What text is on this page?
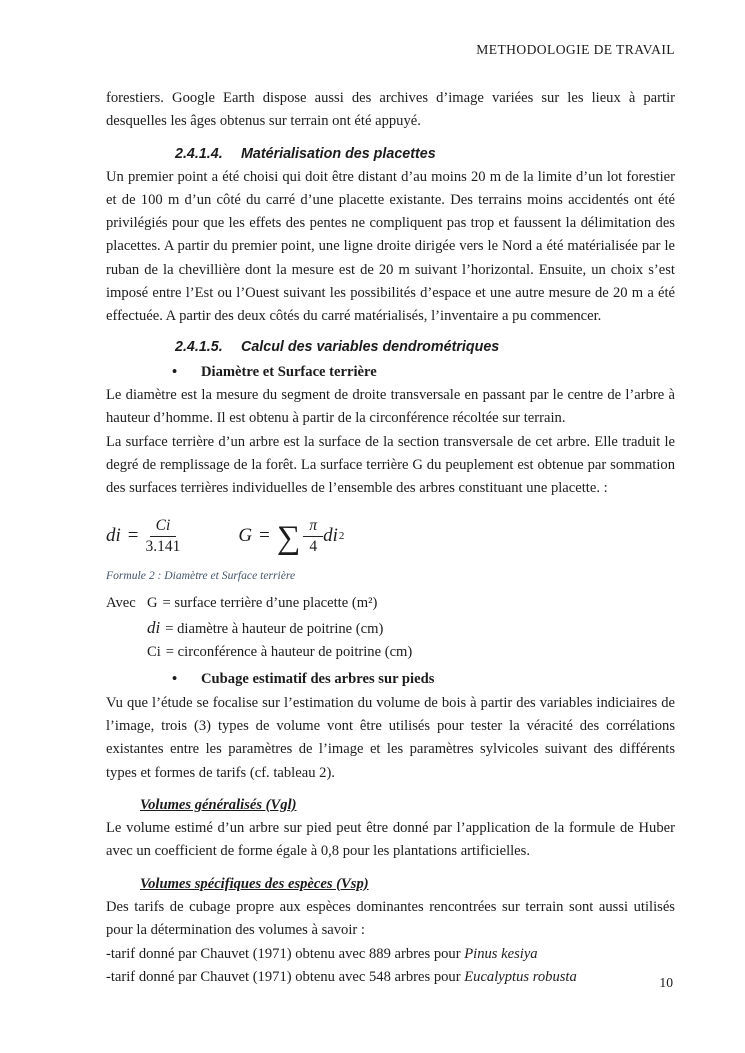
METHODOLOGIE DE TRAVAIL

forestiers. Google Earth dispose aussi des archives d’image variées sur les lieux à partir desquelles les âges obtenus sur terrain ont été appuyé.

2.4.1.4. Matérialisation des placettes

Un premier point a été choisi qui doit être distant d’au moins 20 m de la limite d’un lot forestier et de 100 m d’un côté du carré d’une placette existante. Des terrains moins accidentés ont été privilégiés pour que les effets des pentes ne compliquent pas trop et faussent la délimitation des placettes. A partir du premier point, une ligne droite dirigée vers le Nord a été matérialisée par le ruban de la chevillière dont la mesure est de 20 m suivant l’horizontal. Ensuite, un choix s’est imposé entre l’Est ou l’Ouest suivant les possibilités d’espace et une autre mesure de 20 m a été effectuée. A partir des deux côtés du carré matérialisés, l’inventaire a pu commencer.

2.4.1.5. Calcul des variables dendrométriques
• Diamètre et Surface terrière

Le diamètre est la mesure du segment de droite transversale en passant par le centre de l’arbre à hauteur d’homme. Il est obtenu à partir de la circonférence récoltée sur terrain.

La surface terrière d’un arbre est la surface de la section transversale de cet arbre. Elle traduit le degré de remplissage de la forêt. La surface terrière G du peuplement est obtenue par sommation des surfaces terrières individuelles de l’ensemble des arbres constituant une placette. :

di = $\frac{Ci}{3.141}$	G = ∑ $\frac{\pi}{4}$ di 2
Formule 2 : Diamètre et Surface terrière
Avec G = surface terrière d’une placette (m²)
di = diamètre à hauteur de poitrine (cm)
Ci = circonférence à hauteur de poitrine (cm)
• Cubage estimatif des arbres sur pieds

Vu que l’étude se focalise sur l’estimation du volume de bois à partir des variables indiciaires de l’image, trois (3) types de volume vont être utilisés pour tester la véracité des corrélations existantes entre les paramètres de l’image et les paramètres sylvicoles suivant des différents types et formes de tarifs (cf. tableau 2).

Volumes généralisés (Vgl)

Le volume estimé d’un arbre sur pied peut être donné par l’application de la formule de Huber avec un coefficient de forme égale à 0,8 pour les plantations artificielles.

Volumes spécifiques des espèces (Vsp)

Des tarifs de cubage propre aux espèces dominantes rencontrées sur terrain sont aussi utilisés pour la détermination des volumes à savoir :

-tarif donné par Chauvet (1971) obtenu avec 889 arbres pour Pinus kesiya

-tarif donné par Chauvet (1971) obtenu avec 548 arbres pour Eucalyptus robusta	10
